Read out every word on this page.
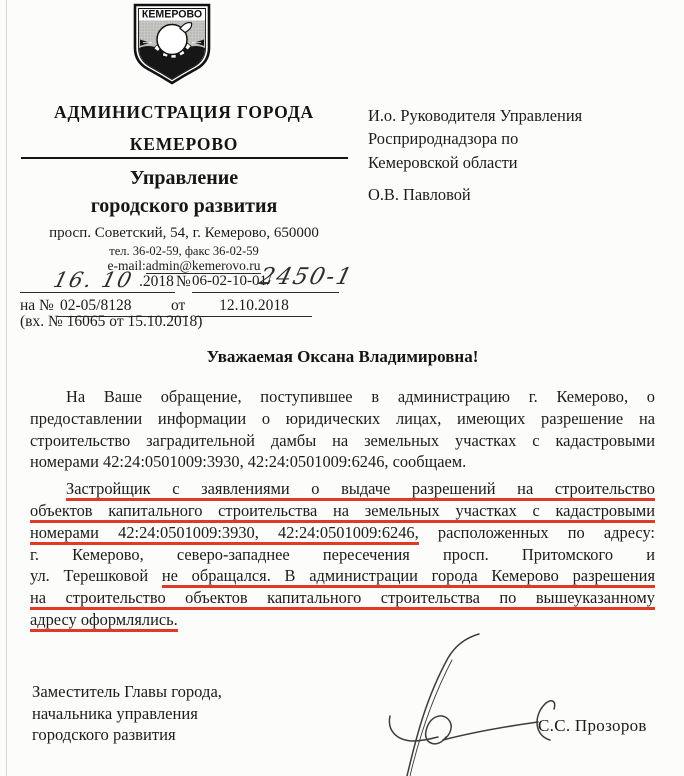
КЕМЕРОВО
АДМИНИСТРАЦИЯ ГОРОДА
КЕМЕРОВО
Управление
городского развития
просп. Советский, 54, г. Кемерово, 650000
тел. 36-02-59, факс 36-02-59
e-mail:admin@kemerovo.ru
16. 10 .2018 № 06-02-10-01/
2450-1
на № 02-05/8128	от	12.10.2018
(вх. № 16065 от 15.10.2018)
И.о. Руководителя Управления
Росприроднадзора по
Кемеровской области
О.В. Павловой
Уважаемая Оксана Владимировна!
На Ваше обращение, поступившее в администрацию г. Кемерово, о
предоставлении информации о юридических лицах, имеющих разрешение на
строительство заградительной дамбы на земельных участках с кадастровыми
номерами 42:24:0501009:3930, 42:24:0501009:6246, сообщаем.
Застройщик с заявлениями о выдаче разрешений на строительство
объектов капитального строительства на земельных участках с кадастровыми
номерами 42:24:0501009:3930, 42:24:0501009:6246, расположенных по адресу:
г. Кемерово, северо-западнее пересечения просп. Притомского и
ул. Терешковой не обращался. В администрации города Кемерово разрешения
на строительство объектов капитального строительства по вышеуказанному
адресу оформлялись.
Заместитель Главы города,
начальника управления
городского развития	С.С. Прозоров
